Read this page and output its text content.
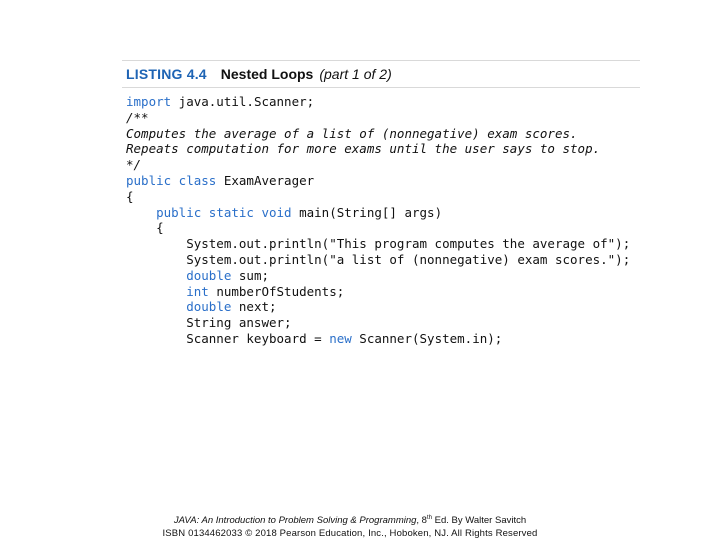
LISTING 4.4 Nested Loops (part 1 of 2)
import java.util.Scanner;
/**
Computes the average of a list of (nonnegative) exam scores.
Repeats computation for more exams until the user says to stop.
*/
public class ExamAverager
{
public static void main(String[] args)
{
System.out.println("This program computes the average of");
System.out.println("a list of (nonnegative) exam scores.");
double sum;
int numberOfStudents;
double next;
String answer;
Scanner keyboard = new Scanner(System.in);
JAVA: An Introduction to Problem Solving & Programming, 8th Ed. By Walter Savitch
ISBN 0134462033 © 2018 Pearson Education, Inc., Hoboken, NJ. All Rights Reserved
